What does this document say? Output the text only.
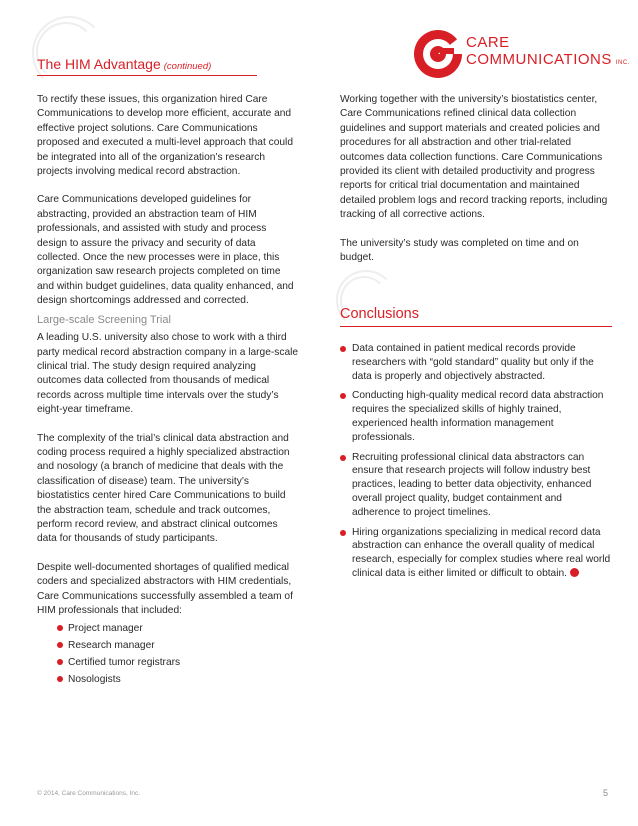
The HIM Advantage (continued)
CARE
COMMUNICATIONS INC.

To rectify these issues, this organization hired Care Communications to develop more efficient, accurate and effective project solutions. Care Communications proposed and executed a multi-level approach that could be integrated into all of the organization’s research projects involving medical record abstraction.

Care Communications developed guidelines for abstracting, provided an abstraction team of HIM professionals, and assisted with study and process design to assure the privacy and security of data collected. Once the new processes were in place, this organization saw research projects completed on time and within budget guidelines, data quality enhanced, and design shortcomings addressed and corrected.

Large-scale Screening Trial

A leading U.S. university also chose to work with a third party medical record abstraction company in a large-scale clinical trial. The study design required analyzing outcomes data collected from thousands of medical records across multiple time intervals over the study’s eight-year timeframe.

The complexity of the trial’s clinical data abstraction and coding process required a highly specialized abstraction and nosology (a branch of medicine that deals with the classification of disease) team. The university’s biostatistics center hired Care Communications to build the abstraction team, schedule and track outcomes, perform record review, and abstract clinical outcomes data for thousands of study participants.

Despite well-documented shortages of qualified medical coders and specialized abstractors with HIM credentials, Care Communications successfully assembled a team of HIM professionals that included:

Project manager
Research manager
Certified tumor registrars
Nosologists

Working together with the university’s biostatistics center, Care Communications refined clinical data collection guidelines and support materials and created policies and procedures for all abstraction and other trial-related outcomes data collection functions. Care Communications provided its client with detailed productivity and progress reports for critical trial documentation and maintained detailed problem logs and record tracking reports, including tracking of all corrective actions.

The university’s study was completed on time and on budget.

Conclusions
Data contained in patient medical records provide researchers with “gold standard” quality but only if the data is properly and objectively abstracted.
Conducting high-quality medical record data abstraction requires the specialized skills of highly trained, experienced health information management professionals.
Recruiting professional clinical data abstractors can ensure that research projects will follow industry best practices, leading to better data objectivity, enhanced overall project quality, budget containment and adherence to project timelines.
Hiring organizations specializing in medical record data abstraction can enhance the overall quality of medical research, especially for complex studies where real world clinical data is either limited or difficult to obtain.
© 2014, Care Communications, Inc.	5
